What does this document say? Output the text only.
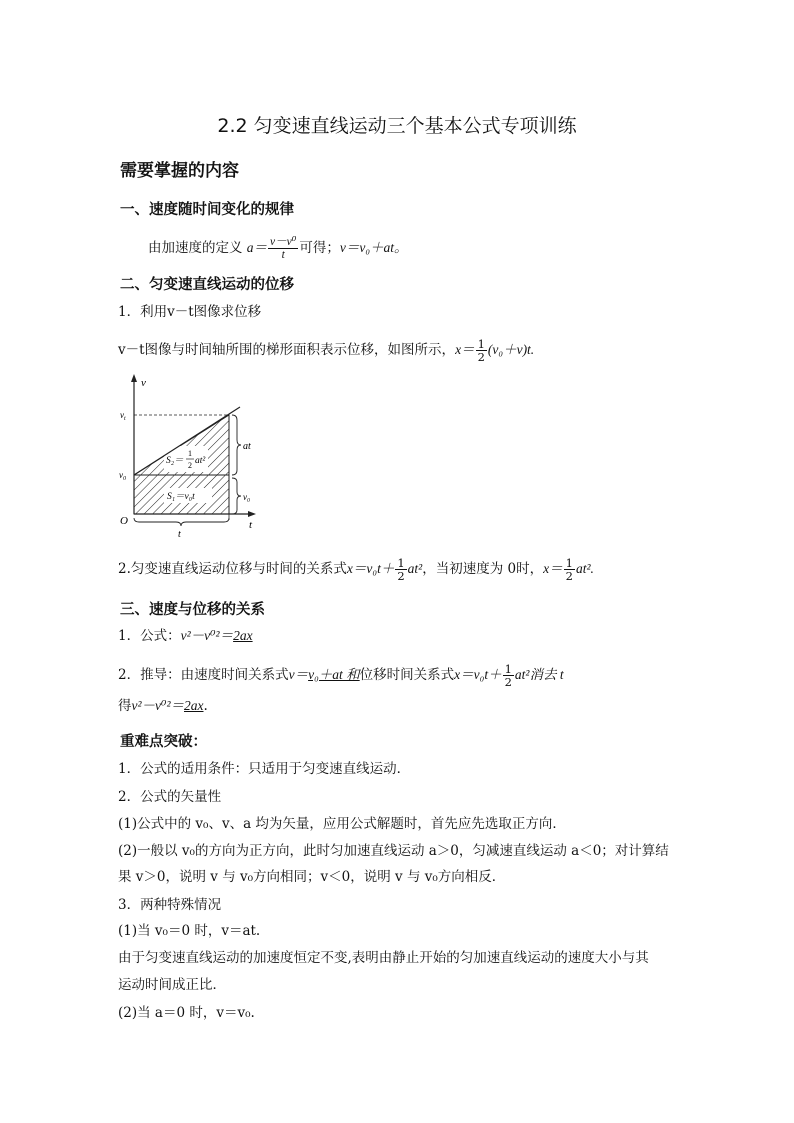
2.2 匀变速直线运动三个基本公式专项训练
需要掌握的内容
一、速度随时间变化的规律
由加速度的定义 $a= \frac{\text{v－v⁰}}{t}$ 可得；v＝v₀＋at。
二、匀变速直线运动的位移
1．利用v－t图像求位移
v－t图像与时间轴所围的梯形面积表示位移，如图所示，$x= \frac{1}{2} (v_0+v)t$.
v
t
O
$v_t$
$v_0$
S₂＝
1
2 at²
S₁＝v₀t
at
v₀
t
2.匀变速直线运动位移与时间的关系式$x=v_0t+ \frac{1}{2} at^2$，当初速度为 0时，$x= \frac{1}{2} at^2$.
三、速度与位移的关系
1．公式：v²－v⁰²＝2ax
2．推导：由速度时间关系式v＝v₀＋at 和位移时间关系式$x=v_0t+ \frac{1}{2} at^2$消去 t
得v²－v⁰²＝2ax.
重难点突破：
1．公式的适用条件：只适用于匀变速直线运动．
2．公式的矢量性
(1)公式中的 v₀、v、a 均为矢量，应用公式解题时，首先应先选取正方向．
(2)一般以 v₀的方向为正方向，此时匀加速直线运动 a＞0，匀减速直线运动 a＜0；对计算结
果 v＞0，说明 v 与 v₀方向相同；v＜0，说明 v 与 v₀方向相反．
3．两种特殊情况
(1)当 v₀＝0 时，v＝at.
由于匀变速直线运动的加速度恒定不变,表明由静止开始的匀加速直线运动的速度大小与其
运动时间成正比．
(2)当 a＝0 时，v＝v₀.
